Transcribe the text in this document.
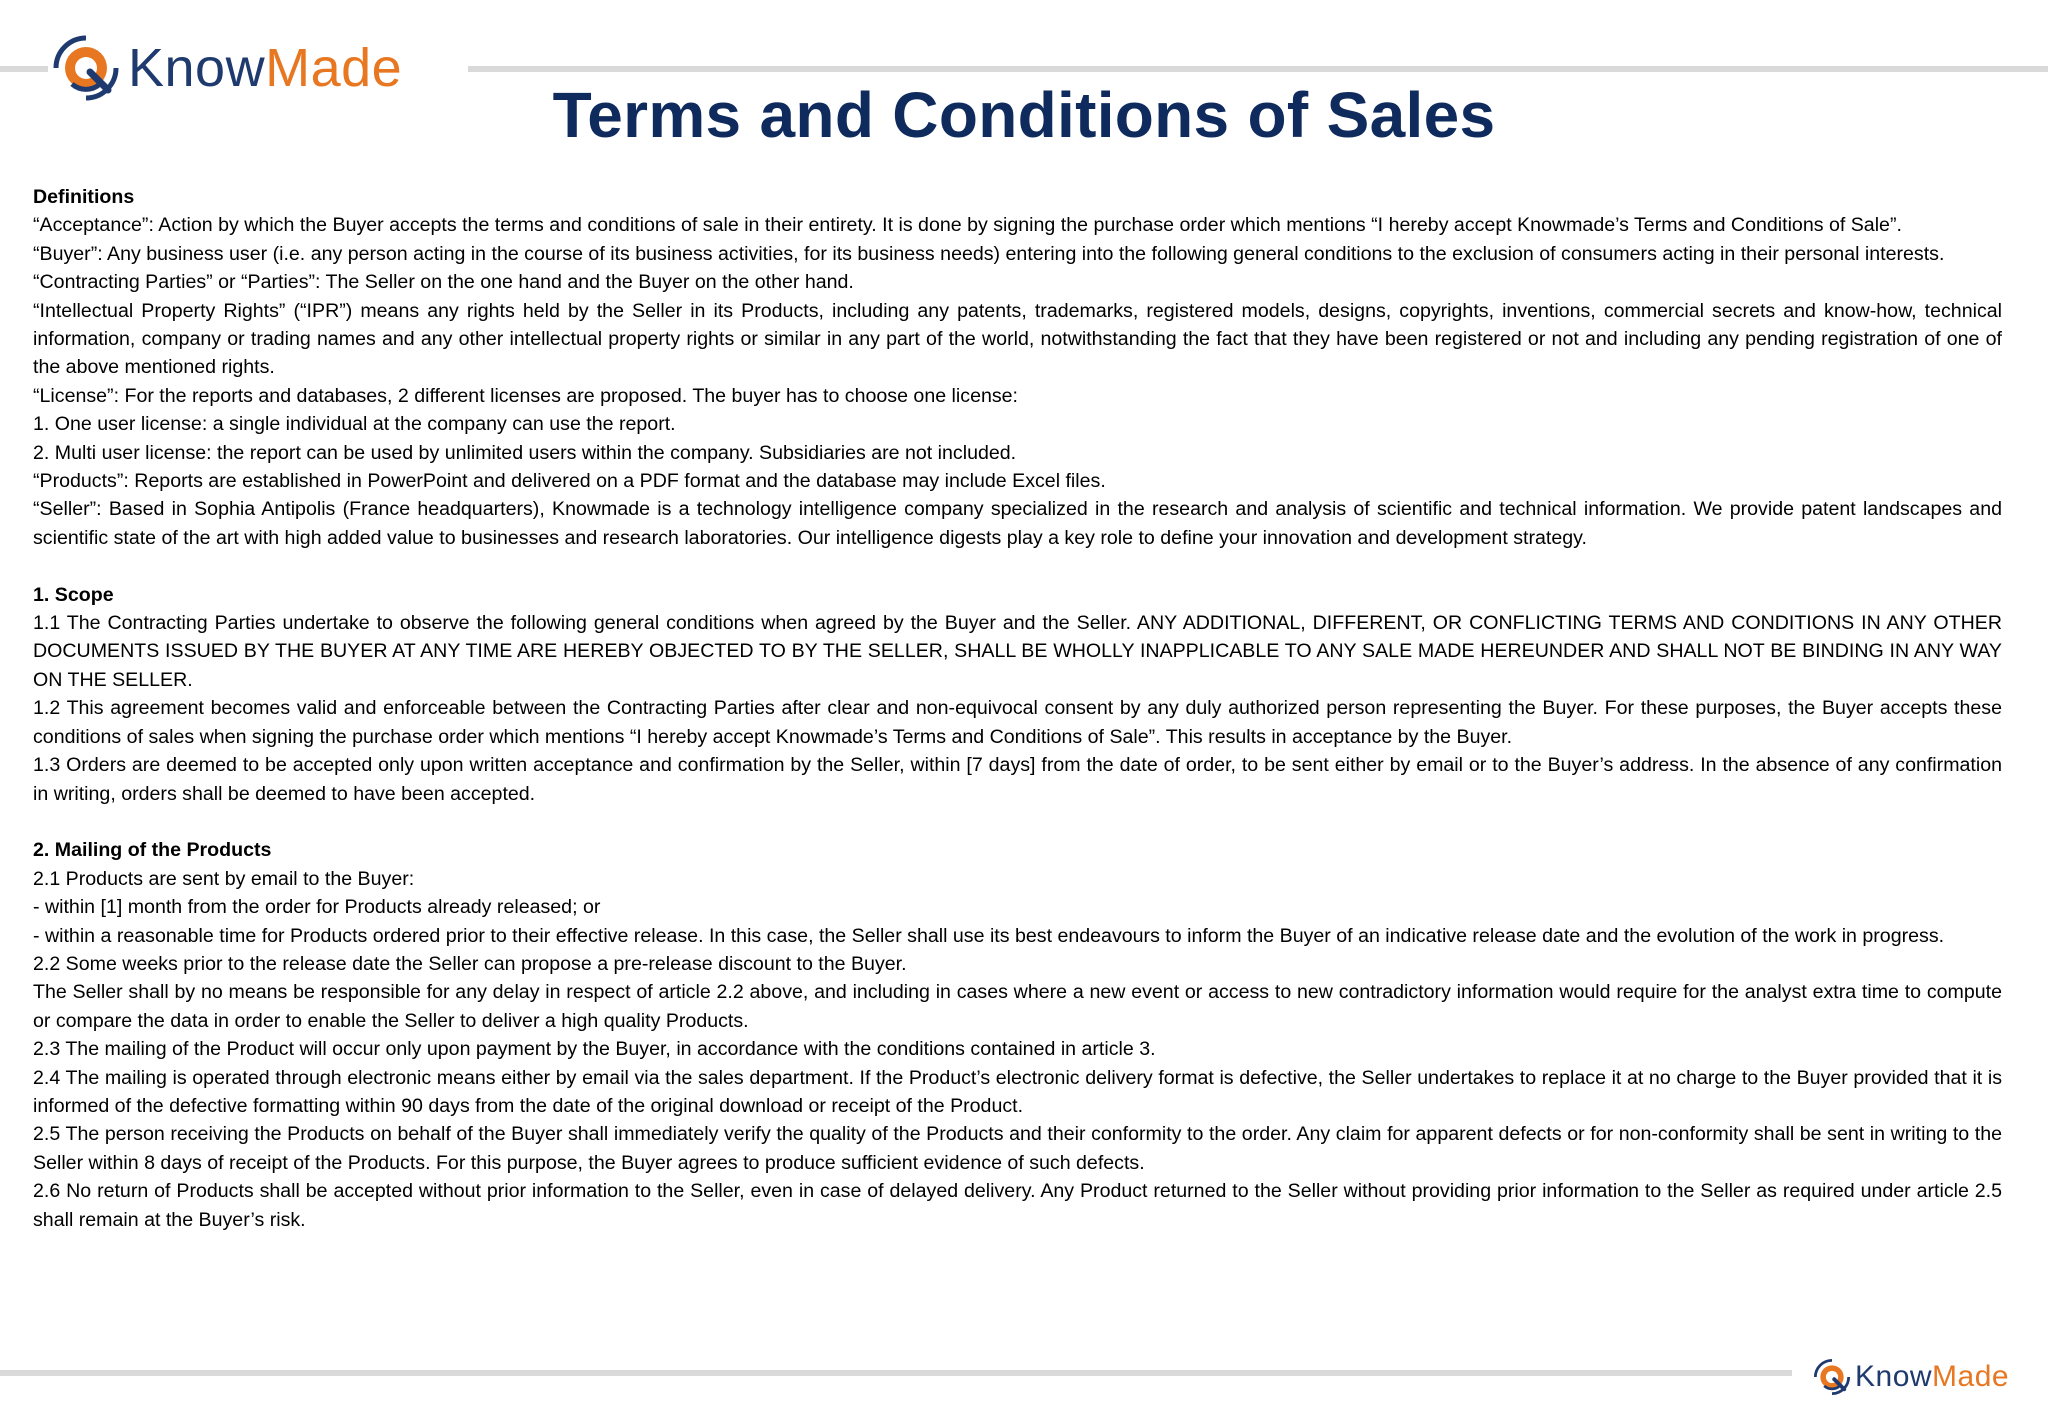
KnowMade
Terms and Conditions of Sales

Definitions

“Acceptance”: Action by which the Buyer accepts the terms and conditions of sale in their entirety. It is done by signing the purchase order which mentions “I hereby accept Knowmade’s Terms and Conditions of Sale”.

“Buyer”: Any business user (i.e. any person acting in the course of its business activities, for its business needs) entering into the following general conditions to the exclusion of consumers acting in their personal interests.

“Contracting Parties” or “Parties”: The Seller on the one hand and the Buyer on the other hand.

“Intellectual Property Rights” (“IPR”) means any rights held by the Seller in its Products, including any patents, trademarks, registered models, designs, copyrights, inventions, commercial secrets and know-how, technical information, company or trading names and any other intellectual property rights or similar in any part of the world, notwithstanding the fact that they have been registered or not and including any pending registration of one of the above mentioned rights.

“License”: For the reports and databases, 2 different licenses are proposed. The buyer has to choose one license:

1. One user license: a single individual at the company can use the report.

2. Multi user license: the report can be used by unlimited users within the company. Subsidiaries are not included.

“Products”: Reports are established in PowerPoint and delivered on a PDF format and the database may include Excel files.

“Seller”: Based in Sophia Antipolis (France headquarters), Knowmade is a technology intelligence company specialized in the research and analysis of scientific and technical information. We provide patent landscapes and scientific state of the art with high added value to businesses and research laboratories. Our intelligence digests play a key role to define your innovation and development strategy.

1. Scope

1.1 The Contracting Parties undertake to observe the following general conditions when agreed by the Buyer and the Seller. ANY ADDITIONAL, DIFFERENT, OR CONFLICTING TERMS AND CONDITIONS IN ANY OTHER DOCUMENTS ISSUED BY THE BUYER AT ANY TIME ARE HEREBY OBJECTED TO BY THE SELLER, SHALL BE WHOLLY INAPPLICABLE TO ANY SALE MADE HEREUNDER AND SHALL NOT BE BINDING IN ANY WAY ON THE SELLER.

1.2 This agreement becomes valid and enforceable between the Contracting Parties after clear and non-equivocal consent by any duly authorized person representing the Buyer. For these purposes, the Buyer accepts these conditions of sales when signing the purchase order which mentions “I hereby accept Knowmade’s Terms and Conditions of Sale”. This results in acceptance by the Buyer.

1.3 Orders are deemed to be accepted only upon written acceptance and confirmation by the Seller, within [7 days] from the date of order, to be sent either by email or to the Buyer’s address. In the absence of any confirmation in writing, orders shall be deemed to have been accepted.

2. Mailing of the Products

2.1 Products are sent by email to the Buyer:

- within [1] month from the order for Products already released; or

- within a reasonable time for Products ordered prior to their effective release. In this case, the Seller shall use its best endeavours to inform the Buyer of an indicative release date and the evolution of the work in progress.

2.2 Some weeks prior to the release date the Seller can propose a pre-release discount to the Buyer.

The Seller shall by no means be responsible for any delay in respect of article 2.2 above, and including in cases where a new event or access to new contradictory information would require for the analyst extra time to compute or compare the data in order to enable the Seller to deliver a high quality Products.

2.3 The mailing of the Product will occur only upon payment by the Buyer, in accordance with the conditions contained in article 3.

2.4 The mailing is operated through electronic means either by email via the sales department. If the Product’s electronic delivery format is defective, the Seller undertakes to replace it at no charge to the Buyer provided that it is informed of the defective formatting within 90 days from the date of the original download or receipt of the Product.

2.5 The person receiving the Products on behalf of the Buyer shall immediately verify the quality of the Products and their conformity to the order. Any claim for apparent defects or for non-conformity shall be sent in writing to the Seller within 8 days of receipt of the Products. For this purpose, the Buyer agrees to produce sufficient evidence of such defects.

2.6 No return of Products shall be accepted without prior information to the Seller, even in case of delayed delivery. Any Product returned to the Seller without providing prior information to the Seller as required under article 2.5 shall remain at the Buyer’s risk.

KnowMade
